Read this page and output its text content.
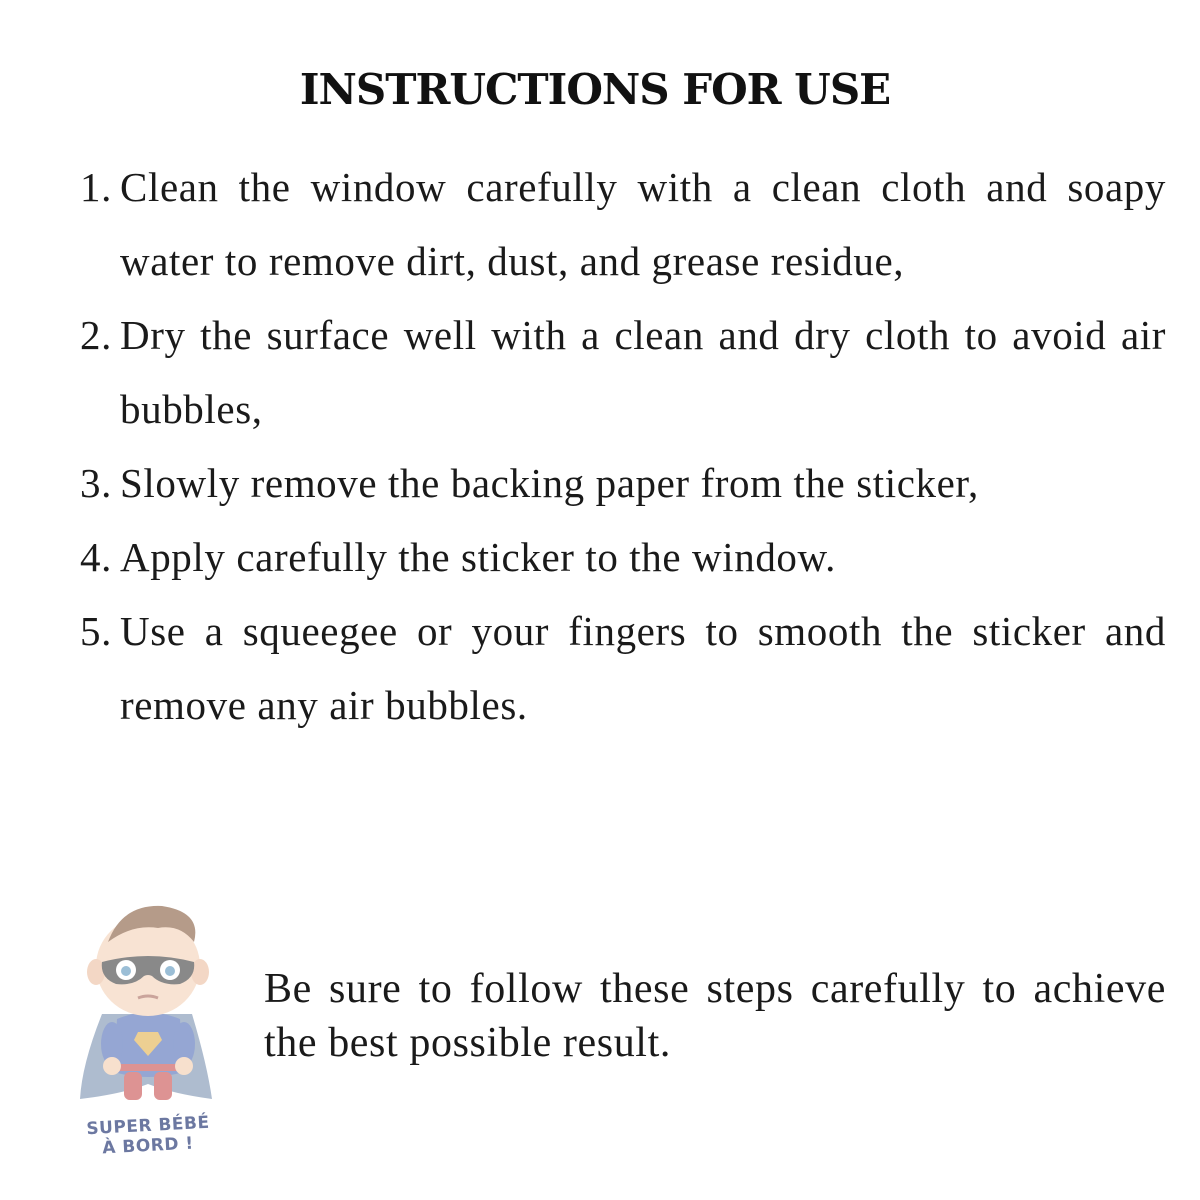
INSTRUCTIONS FOR USE
1. Clean the window carefully with a clean cloth and soapy water to remove dirt, dust, and grease residue,
2. Dry the surface well with a clean and dry cloth to avoid air bubbles,
3. Slowly remove the backing paper from the sticker,
4. Apply carefully the sticker to the window.
5. Use a squeegee or your fingers to smooth the sticker and remove any air bubbles.
SUPER BÉBÉ
À BORD !

Be sure to follow these steps carefully to achieve the best possible result.
